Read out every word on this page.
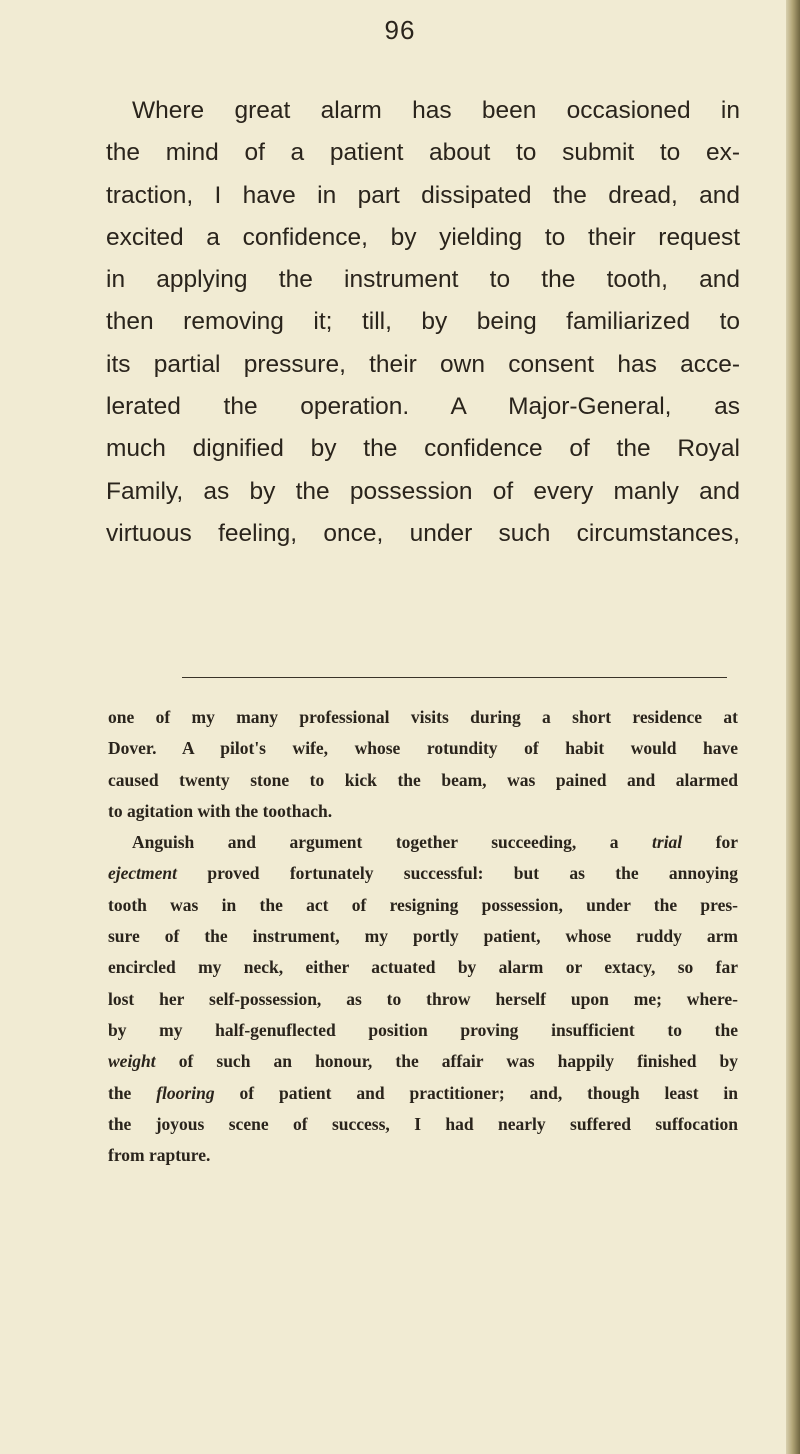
96
Where great alarm has been occasioned in
the mind of a patient about to submit to ex-
traction, I have in part dissipated the dread, and
excited a confidence, by yielding to their request
in applying the instrument to the tooth, and
then removing it; till, by being familiarized to
its partial pressure, their own consent has acce-
lerated the operation. A Major-General, as
much dignified by the confidence of the Royal
Family, as by the possession of every manly and
virtuous feeling, once, under such circumstances,
one of my many professional visits during a short residence at
Dover. A pilot's wife, whose rotundity of habit would have
caused twenty stone to kick the beam, was pained and alarmed
to agitation with the toothach.
Anguish and argument together succeeding, a trial for
ejectment proved fortunately successful: but as the annoying
tooth was in the act of resigning possession, under the pres-
sure of the instrument, my portly patient, whose ruddy arm
encircled my neck, either actuated by alarm or extacy, so far
lost her self-possession, as to throw herself upon me; where-
by my half-genuflected position proving insufficient to the
weight of such an honour, the affair was happily finished by
the flooring of patient and practitioner; and, though least in
the joyous scene of success, I had nearly suffered suffocation
from rapture.
